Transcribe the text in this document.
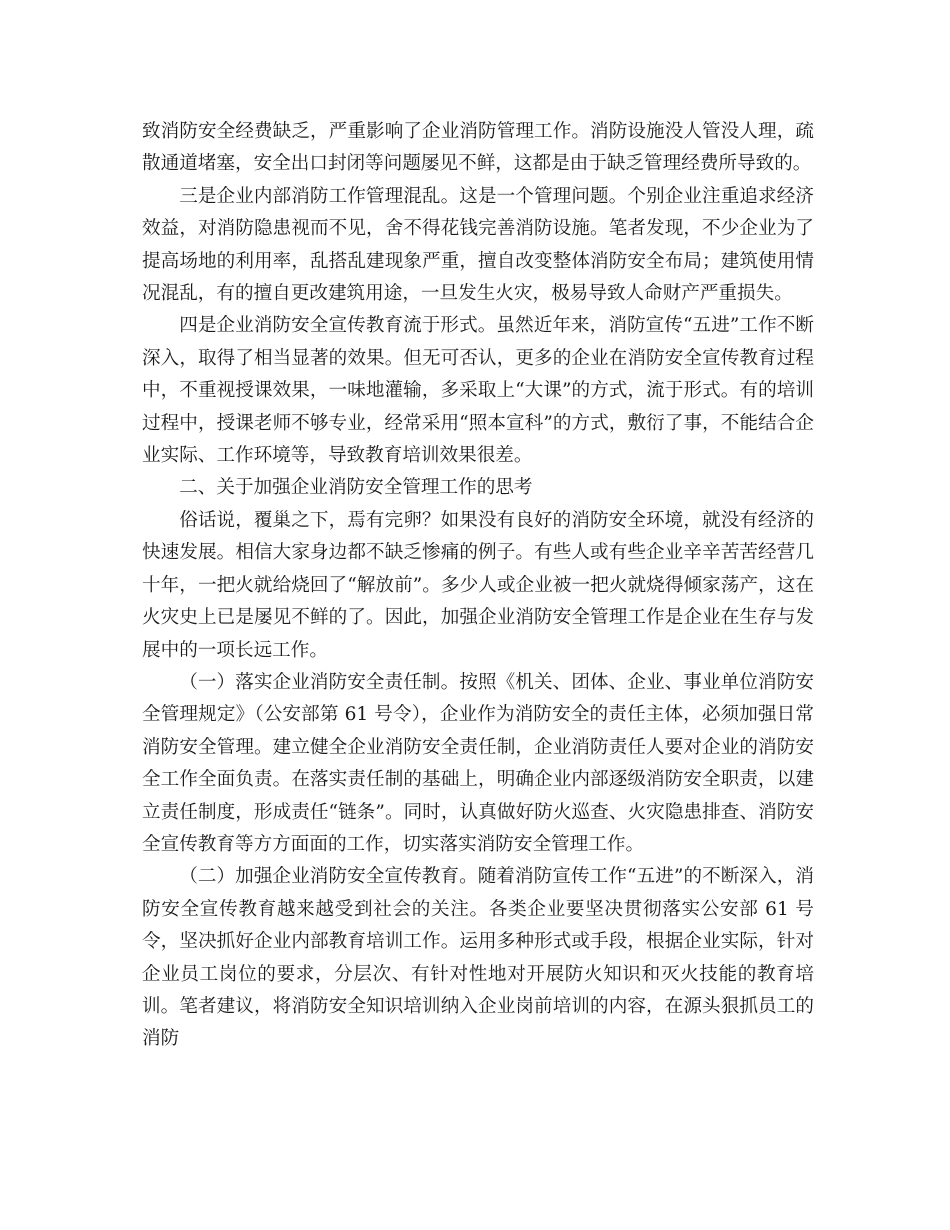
致消防安全经费缺乏，严重影响了企业消防管理工作。消防设施没人管没人理，疏散通道堵塞，安全出口封闭等问题屡见不鲜，这都是由于缺乏管理经费所导致的。

三是企业内部消防工作管理混乱。这是一个管理问题。个别企业注重追求经济效益，对消防隐患视而不见，舍不得花钱完善消防设施。笔者发现，不少企业为了提高场地的利用率，乱搭乱建现象严重，擅自改变整体消防安全布局；建筑使用情况混乱，有的擅自更改建筑用途，一旦发生火灾，极易导致人命财产严重损失。

四是企业消防安全宣传教育流于形式。虽然近年来，消防宣传“五进”工作不断深入，取得了相当显著的效果。但无可否认，更多的企业在消防安全宣传教育过程中，不重视授课效果，一味地灌输，多采取上“大课”的方式，流于形式。有的培训过程中，授课老师不够专业，经常采用“照本宣科”的方式，敷衍了事，不能结合企业实际、工作环境等，导致教育培训效果很差。

二、关于加强企业消防安全管理工作的思考

俗话说，覆巢之下，焉有完卵？如果没有良好的消防安全环境，就没有经济的快速发展。相信大家身边都不缺乏惨痛的例子。有些人或有些企业辛辛苦苦经营几十年，一把火就给烧回了“解放前”。多少人或企业被一把火就烧得倾家荡产，这在火灾史上已是屡见不鲜的了。因此，加强企业消防安全管理工作是企业在生存与发展中的一项长远工作。

（一）落实企业消防安全责任制。按照《机关、团体、企业、事业单位消防安全管理规定》（公安部第 61 号令），企业作为消防安全的责任主体，必须加强日常消防安全管理。建立健全企业消防安全责任制，企业消防责任人要对企业的消防安全工作全面负责。在落实责任制的基础上，明确企业内部逐级消防安全职责，以建立责任制度，形成责任“链条”。同时，认真做好防火巡查、火灾隐患排查、消防安全宣传教育等方方面面的工作，切实落实消防安全管理工作。

（二）加强企业消防安全宣传教育。随着消防宣传工作“五进”的不断深入，消防安全宣传教育越来越受到社会的关注。各类企业要坚决贯彻落实公安部 61 号令，坚决抓好企业内部教育培训工作。运用多种形式或手段，根据企业实际，针对企业员工岗位的要求，分层次、有针对性地对开展防火知识和灭火技能的教育培训。笔者建议，将消防安全知识培训纳入企业岗前培训的内容，在源头狠抓员工的消防
